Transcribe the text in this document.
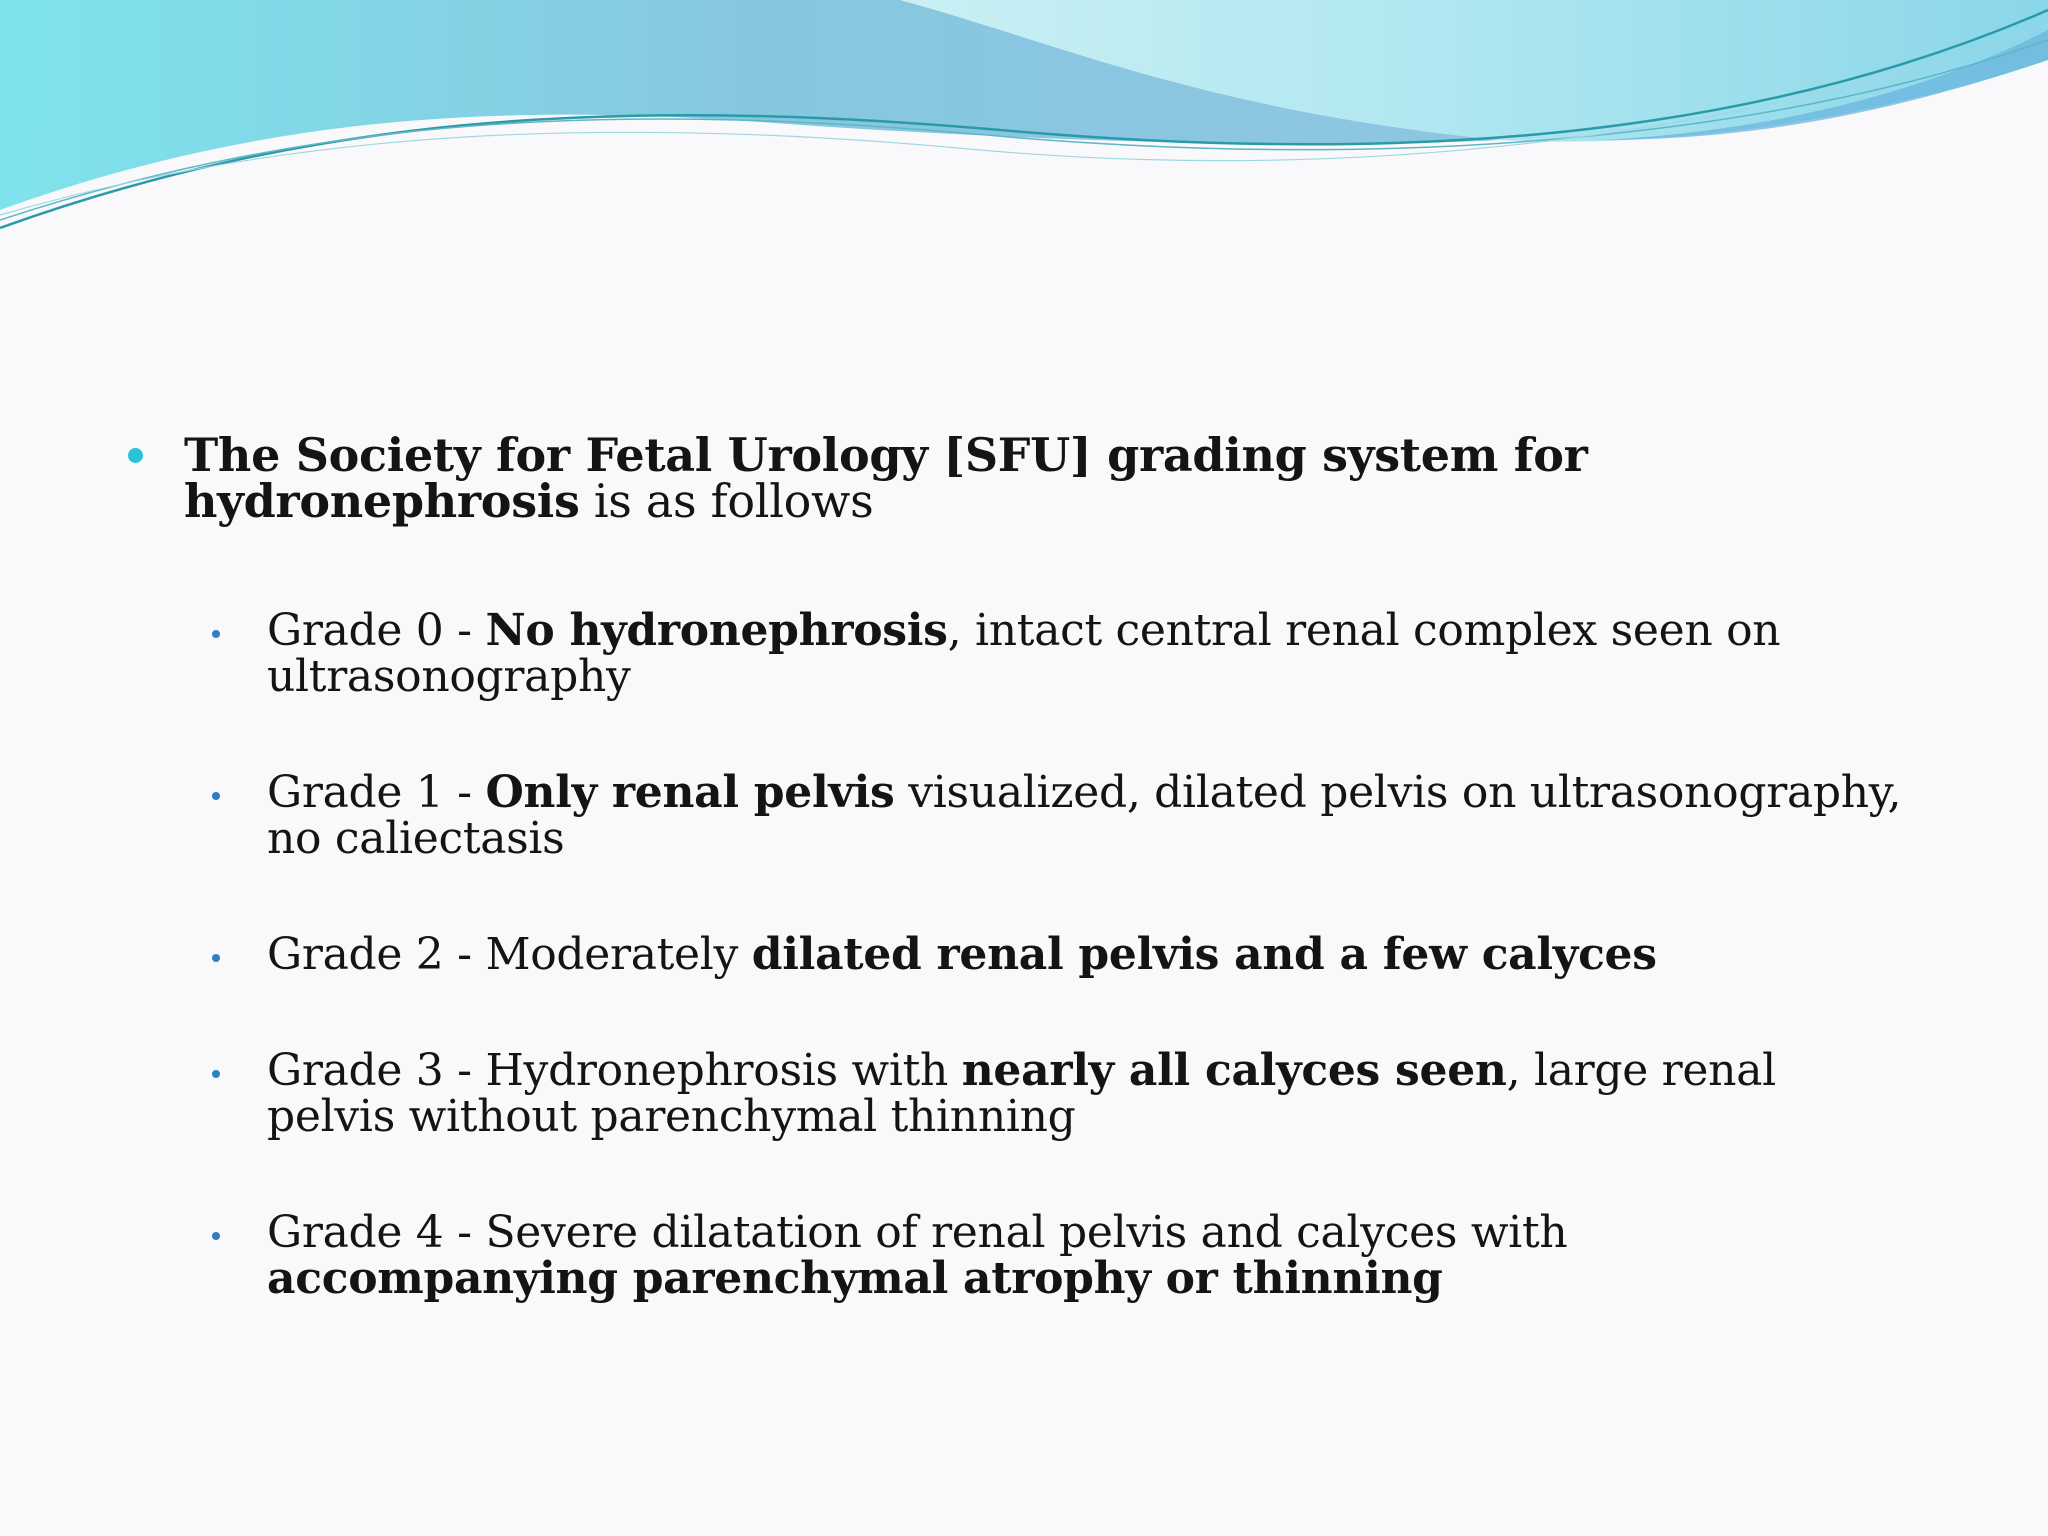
The Society for Fetal Urology [SFU] grading system for hydronephrosis is as follows
Grade 0 - No hydronephrosis, intact central renal complex seen on ultrasonography
Grade 1 - Only renal pelvis visualized, dilated pelvis on ultrasonography, no caliectasis
Grade 2 - Moderately dilated renal pelvis and a few calyces
Grade 3 - Hydronephrosis with nearly all calyces seen, large renal pelvis without parenchymal thinning
Grade 4 - Severe dilatation of renal pelvis and calyces with accompanying parenchymal atrophy or thinning
